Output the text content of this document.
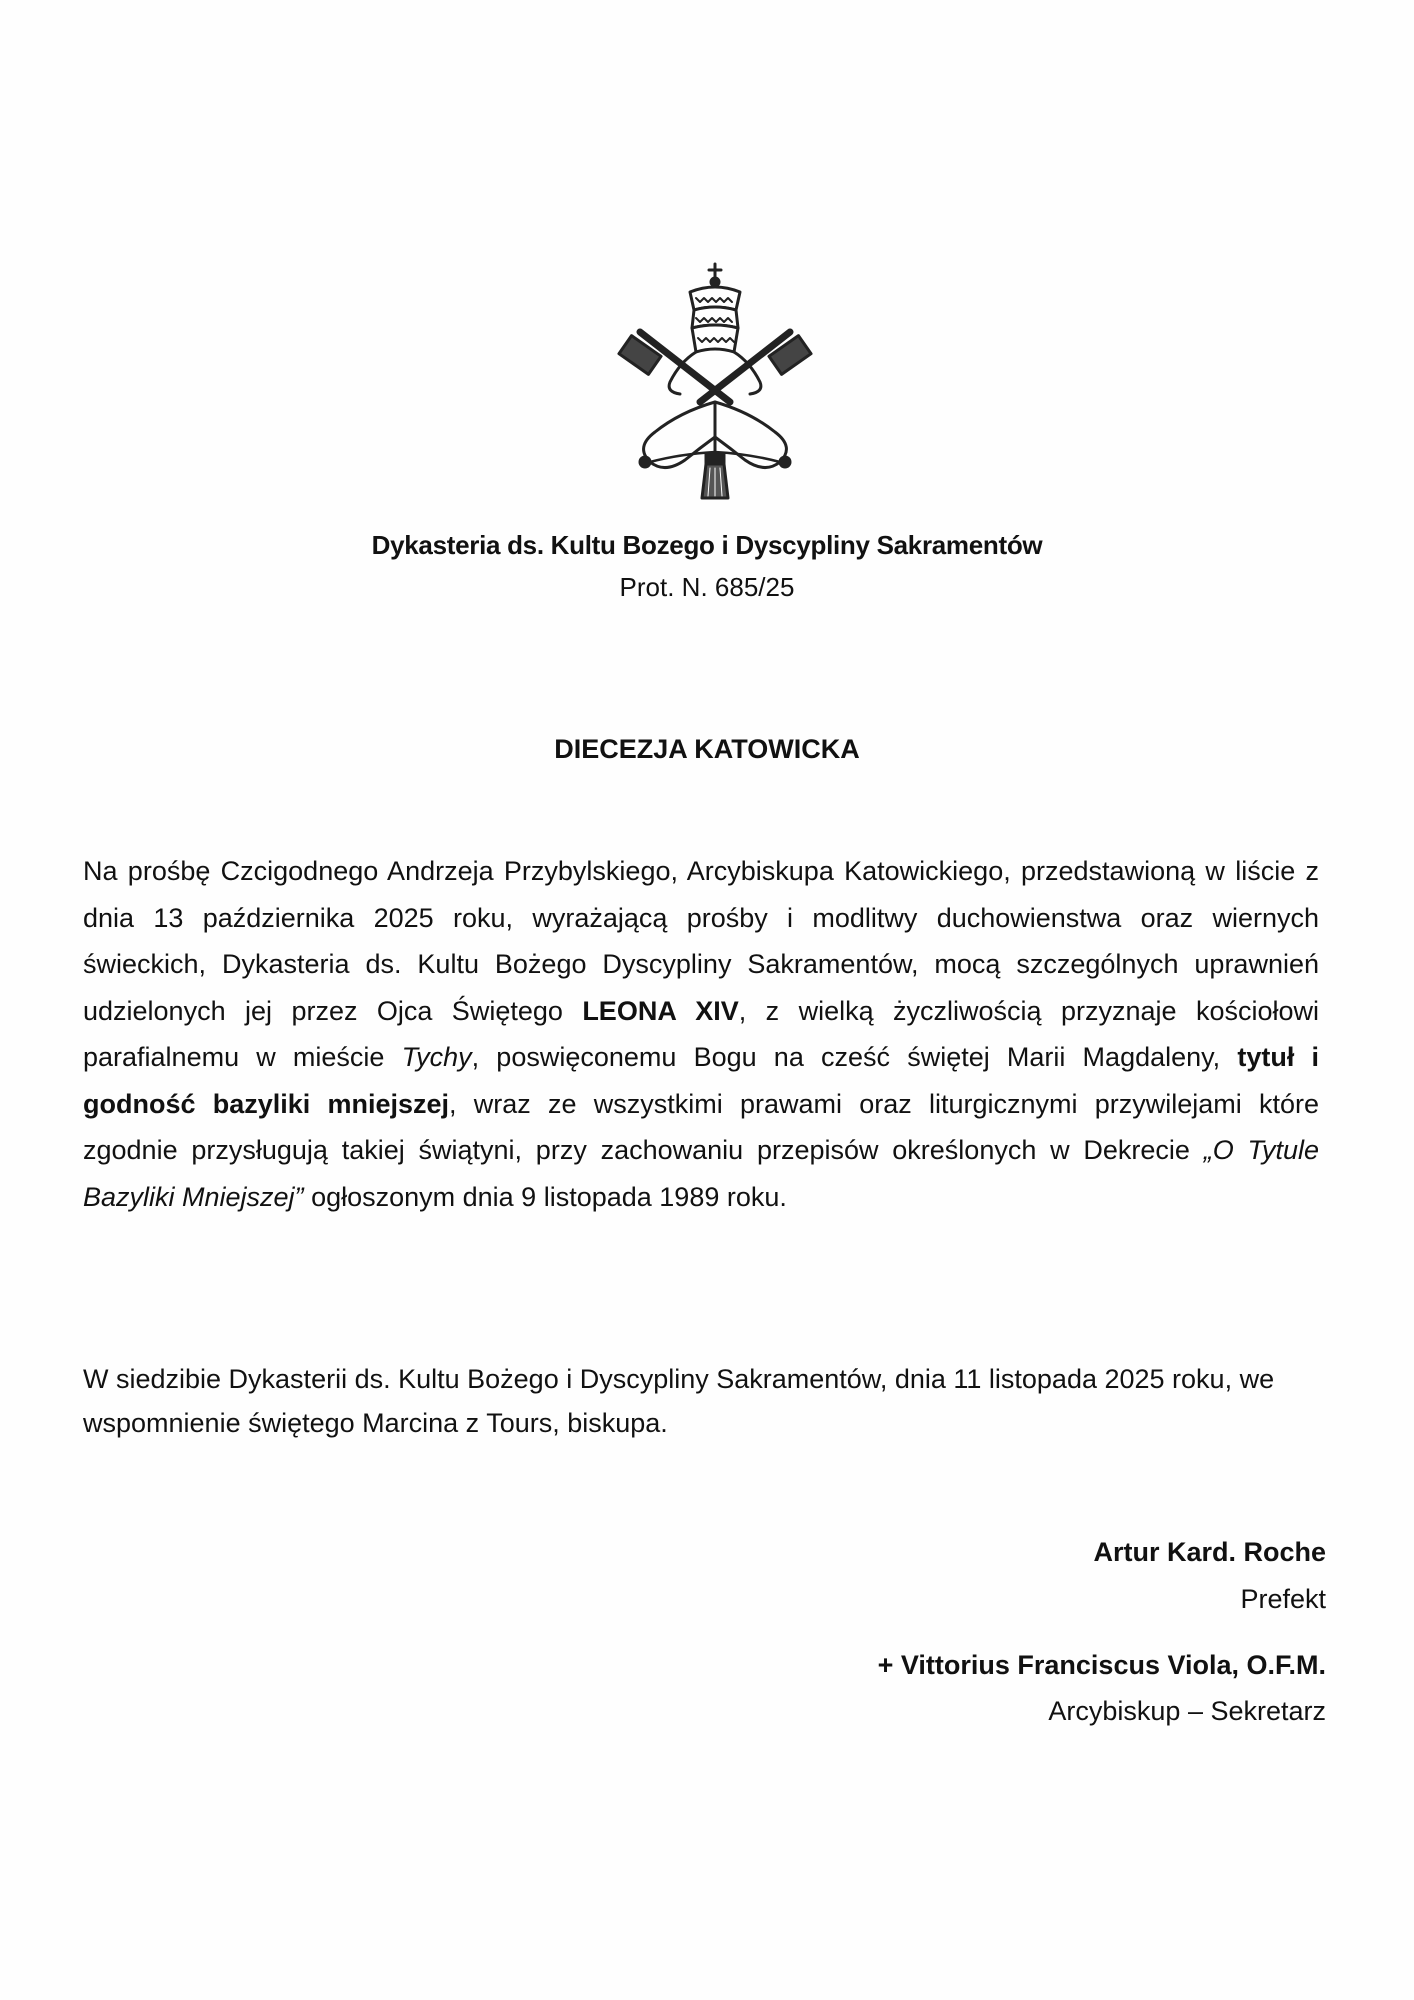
Dykasteria ds. Kultu Bozego i Dyscypliny Sakramentów
Prot. N. 685/25
DIECEZJA KATOWICKA
Na prośbę Czcigodnego Andrzeja Przybylskiego, Arcybiskupa Katowickiego, przedstawioną w liście z dnia 13 października 2025 roku, wyrażającą prośby i modlitwy duchowienstwa oraz wiernych świeckich, Dykasteria ds. Kultu Bożego Dyscypliny Sakramentów, mocą szczególnych uprawnień udzielonych jej przez Ojca Świętego LEONA XIV, z wielką życzliwością przyznaje kościołowi parafialnemu w mieście Tychy, poswięconemu Bogu na cześć świętej Marii Magdaleny, tytuł i godność bazyliki mniejszej, wraz ze wszystkimi prawami oraz liturgicznymi przywilejami które zgodnie przysługują takiej świątyni, przy zachowaniu przepisów określonych w Dekrecie „O Tytule Bazyliki Mniejszej” ogłoszonym dnia 9 listopada 1989 roku.
W siedzibie Dykasterii ds. Kultu Bożego i Dyscypliny Sakramentów, dnia 11 listopada 2025 roku, we wspomnienie świętego Marcina z Tours, biskupa.
Artur Kard. Roche
Prefekt
+ Vittorius Franciscus Viola, O.F.M.
Arcybiskup – Sekretarz
